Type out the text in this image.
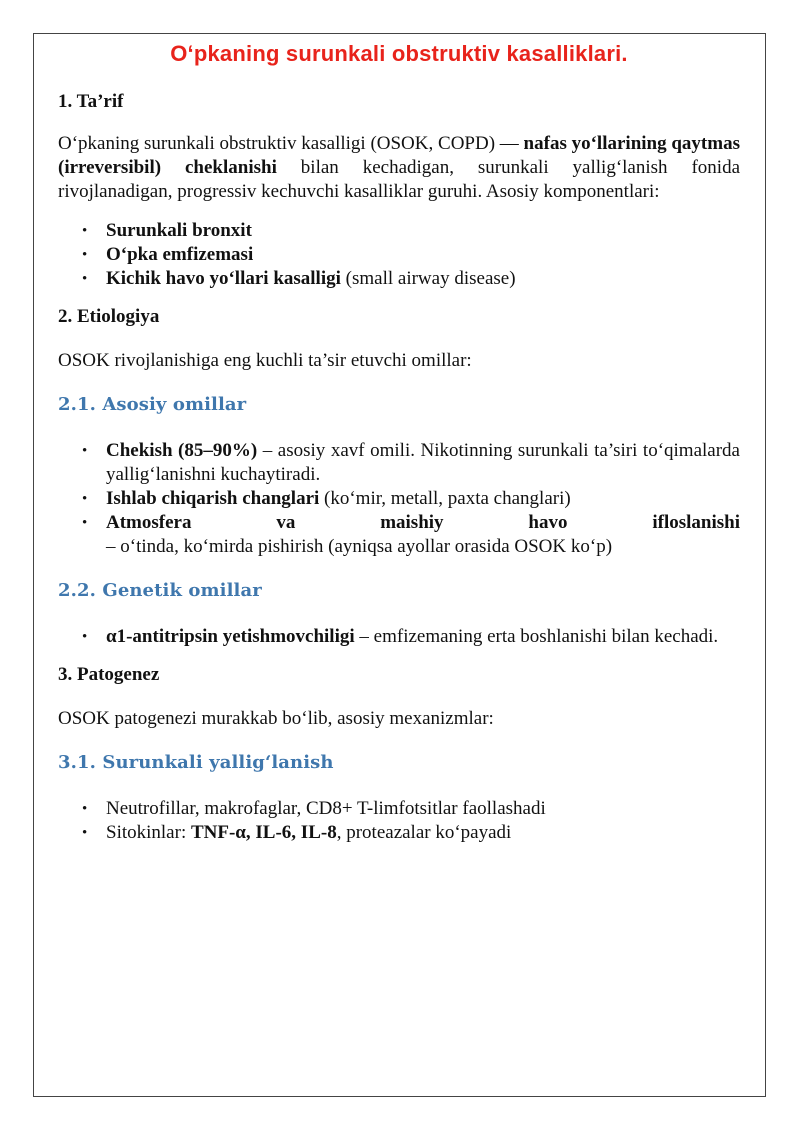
O‘pkaning surunkali obstruktiv kasalliklari.
1. Ta’rif

O‘pkaning surunkali obstruktiv kasalligi (OSOK, COPD) — nafas yo‘llarining qaytmas (irreversibil) cheklanishi bilan kechadigan, surunkali yallig‘lanish fonida rivojlanadigan, progressiv kechuvchi kasalliklar guruhi. Asosiy komponentlari:

• Surunkali bronxit
• O‘pka emfizemasi
• Kichik havo yo‘llari kasalligi (small airway disease)
2. Etiologiya

OSOK rivojlanishiga eng kuchli ta’sir etuvchi omillar:

2.1. Asosiy omillar
• Chekish (85–90%) – asosiy xavf omili. Nikotinning surunkali ta’siri to‘qimalarda yallig‘lanishni kuchaytiradi.
• Ishlab chiqarish changlari (ko‘mir, metall, paxta changlari)
• Atmosfera va maishiy havo ifloslanishi
– o‘tinda, ko‘mirda pishirish (ayniqsa ayollar orasida OSOK ko‘p)
2.2. Genetik omillar
• α1-antitripsin yetishmovchiligi – emfizemaning erta boshlanishi bilan kechadi.
3. Patogenez

OSOK patogenezi murakkab bo‘lib, asosiy mexanizmlar:

3.1. Surunkali yallig‘lanish
• Neutrofillar, makrofaglar, CD8+ T-limfotsitlar faollashadi
• Sitokinlar: TNF-α, IL-6, IL-8, proteazalar ko‘payadi
